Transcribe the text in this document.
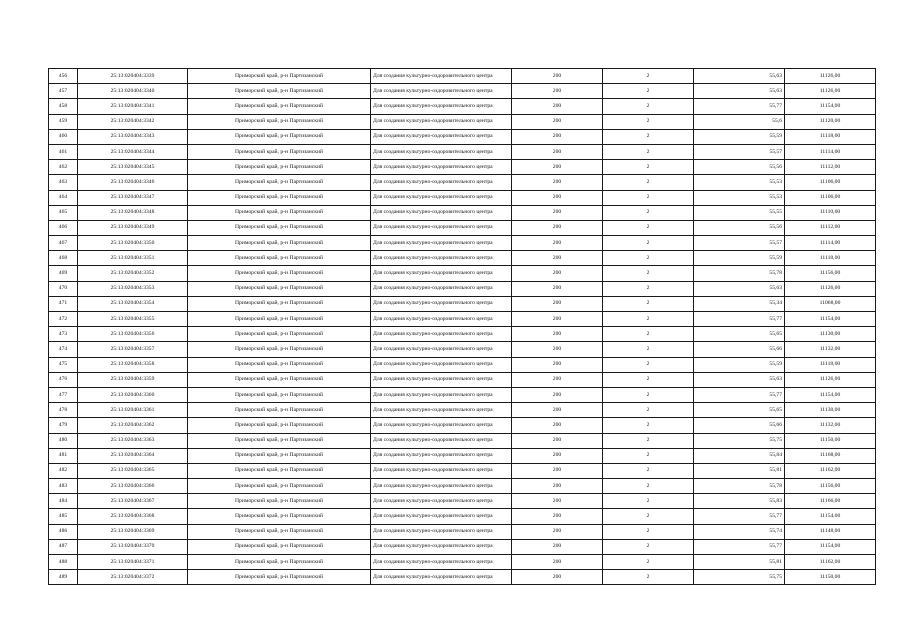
456	25:13:020404:3339	Приморский край, р-н Партизанский	Для создания культурно-оздоровительного центра	200	2	55,63	11126,00
457	25:13:020404:3340	Приморский край, р-н Партизанский	Для создания культурно-оздоровительного центра	200	2	55,63	11126,00
458	25:13:020404:3341	Приморский край, р-н Партизанский	Для создания культурно-оздоровительного центра	200	2	55,77	11154,00
459	25:13:020404:3342	Приморский край, р-н Партизанский	Для создания культурно-оздоровительного центра	200	2	55,6	11120,00
460	25:13:020404:3343	Приморский край, р-н Партизанский	Для создания культурно-оздоровительного центра	200	2	55,59	11118,00
461	25:13:020404:3344	Приморский край, р-н Партизанский	Для создания культурно-оздоровительного центра	200	2	55,57	11114,00
462	25:13:020404:3345	Приморский край, р-н Партизанский	Для создания культурно-оздоровительного центра	200	2	55,56	11112,00
463	25:13:020404:3346	Приморский край, р-н Партизанский	Для создания культурно-оздоровительного центра	200	2	55,53	11106,00
464	25:13:020404:3347	Приморский край, р-н Партизанский	Для создания культурно-оздоровительного центра	200	2	55,53	11106,00
465	25:13:020404:3348	Приморский край, р-н Партизанский	Для создания культурно-оздоровительного центра	200	2	55,55	11110,00
466	25:13:020404:3349	Приморский край, р-н Партизанский	Для создания культурно-оздоровительного центра	200	2	55,56	11112,00
467	25:13:020404:3350	Приморский край, р-н Партизанский	Для создания культурно-оздоровительного центра	200	2	55,57	11114,00
468	25:13:020404:3351	Приморский край, р-н Партизанский	Для создания культурно-оздоровительного центра	200	2	55,59	11118,00
469	25:13:020404:3352	Приморский край, р-н Партизанский	Для создания культурно-оздоровительного центра	200	2	55,78	11156,00
470	25:13:020404:3353	Приморский край, р-н Партизанский	Для создания культурно-оздоровительного центра	200	2	55,63	11126,00
471	25:13:020404:3354	Приморский край, р-н Партизанский	Для создания культурно-оздоровительного центра	200	2	55,34	11068,00
472	25:13:020404:3355	Приморский край, р-н Партизанский	Для создания культурно-оздоровительного центра	200	2	55,77	11154,00
473	25:13:020404:3356	Приморский край, р-н Партизанский	Для создания культурно-оздоровительного центра	200	2	55,65	11130,00
474	25:13:020404:3357	Приморский край, р-н Партизанский	Для создания культурно-оздоровительного центра	200	2	55,66	11132,00
475	25:13:020404:3358	Приморский край, р-н Партизанский	Для создания культурно-оздоровительного центра	200	2	55,59	11118,00
476	25:13:020404:3359	Приморский край, р-н Партизанский	Для создания культурно-оздоровительного центра	200	2	55,63	11126,00
477	25:13:020404:3360	Приморский край, р-н Партизанский	Для создания культурно-оздоровительного центра	200	2	55,77	11154,00
478	25:13:020404:3361	Приморский край, р-н Партизанский	Для создания культурно-оздоровительного центра	200	2	55,65	11130,00
479	25:13:020404:3362	Приморский край, р-н Партизанский	Для создания культурно-оздоровительного центра	200	2	55,66	11132,00
480	25:13:020404:3363	Приморский край, р-н Партизанский	Для создания культурно-оздоровительного центра	200	2	55,75	11150,00
481	25:13:020404:3364	Приморский край, р-н Партизанский	Для создания культурно-оздоровительного центра	200	2	55,84	11168,00
482	25:13:020404:3365	Приморский край, р-н Партизанский	Для создания культурно-оздоровительного центра	200	2	55,81	11162,00
483	25:13:020404:3366	Приморский край, р-н Партизанский	Для создания культурно-оздоровительного центра	200	2	55,78	11156,00
484	25:13:020404:3367	Приморский край, р-н Партизанский	Для создания культурно-оздоровительного центра	200	2	55,83	11166,00
485	25:13:020404:3368	Приморский край, р-н Партизанский	Для создания культурно-оздоровительного центра	200	2	55,77	11154,00
486	25:13:020404:3369	Приморский край, р-н Партизанский	Для создания культурно-оздоровительного центра	200	2	55,74	11148,00
487	25:13:020404:3370	Приморский край, р-н Партизанский	Для создания культурно-оздоровительного центра	200	2	55,77	11154,00
488	25:13:020404:3371	Приморский край, р-н Партизанский	Для создания культурно-оздоровительного центра	200	2	55,81	11162,00
489	25:13:020404:3372	Приморский край, р-н Партизанский	Для создания культурно-оздоровительного центра	200	2	55,75	11150,00
